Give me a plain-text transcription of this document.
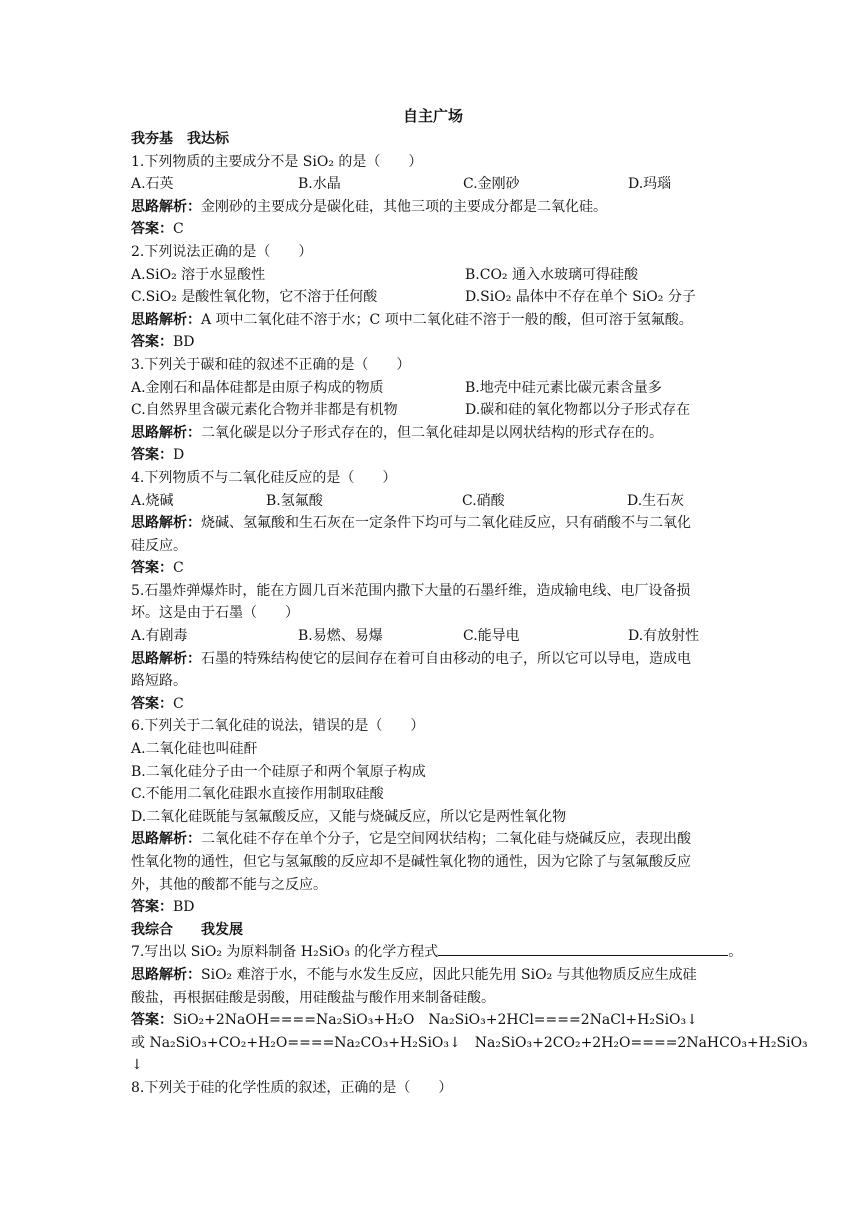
自主广场
我夯基　我达标
1.下列物质的主要成分不是 SiO₂ 的是（　　）
A.石英	B.水晶	C.金刚砂	D.玛瑙
思路解析：金刚砂的主要成分是碳化硅，其他三项的主要成分都是二氧化硅。
答案：C
2.下列说法正确的是（　　）
A.SiO₂ 溶于水显酸性	B.CO₂ 通入水玻璃可得硅酸
C.SiO₂ 是酸性氧化物，它不溶于任何酸	D.SiO₂ 晶体中不存在单个 SiO₂ 分子
思路解析：A 项中二氧化硅不溶于水；C 项中二氧化硅不溶于一般的酸，但可溶于氢氟酸。
答案：BD
3.下列关于碳和硅的叙述不正确的是（　　）
A.金刚石和晶体硅都是由原子构成的物质	B.地壳中硅元素比碳元素含量多
C.自然界里含碳元素化合物并非都是有机物	D.碳和硅的氧化物都以分子形式存在
思路解析：二氧化碳是以分子形式存在的，但二氧化硅却是以网状结构的形式存在的。
答案：D
4.下列物质不与二氧化硅反应的是（　　）
A.烧碱	B.氢氟酸	C.硝酸	D.生石灰
思路解析：烧碱、氢氟酸和生石灰在一定条件下均可与二氧化硅反应，只有硝酸不与二氧化
硅反应。
答案：C
5.石墨炸弹爆炸时，能在方圆几百米范围内撒下大量的石墨纤维，造成输电线、电厂设备损
坏。这是由于石墨（　　）
A.有剧毒	B.易燃、易爆	C.能导电	D.有放射性
思路解析：石墨的特殊结构使它的层间存在着可自由移动的电子，所以它可以导电，造成电
路短路。
答案：C
6.下列关于二氧化硅的说法，错误的是（　　）
A.二氧化硅也叫硅酐
B.二氧化硅分子由一个硅原子和两个氧原子构成
C.不能用二氧化硅跟水直接作用制取硅酸
D.二氧化硅既能与氢氟酸反应，又能与烧碱反应，所以它是两性氧化物
思路解析：二氧化硅不存在单个分子，它是空间网状结构；二氧化硅与烧碱反应，表现出酸
性氧化物的通性，但它与氢氟酸的反应却不是碱性氧化物的通性，因为它除了与氢氟酸反应
外，其他的酸都不能与之反应。
答案：BD
我综合　　我发展
7.写出以 SiO₂ 为原料制备 H₂SiO₃ 的化学方程式	。
思路解析：SiO₂ 难溶于水，不能与水发生反应，因此只能先用 SiO₂ 与其他物质反应生成硅
酸盐，再根据硅酸是弱酸，用硅酸盐与酸作用来制备硅酸。
答案：SiO₂+2NaOH====Na₂SiO₃+H₂O Na₂SiO₃+2HCl====2NaCl+H₂SiO₃↓
或 Na₂SiO₃+CO₂+H₂O====Na₂CO₃+H₂SiO₃↓ Na₂SiO₃+2CO₂+2H₂O====2NaHCO₃+H₂SiO₃
↓
8.下列关于硅的化学性质的叙述，正确的是（　　）
